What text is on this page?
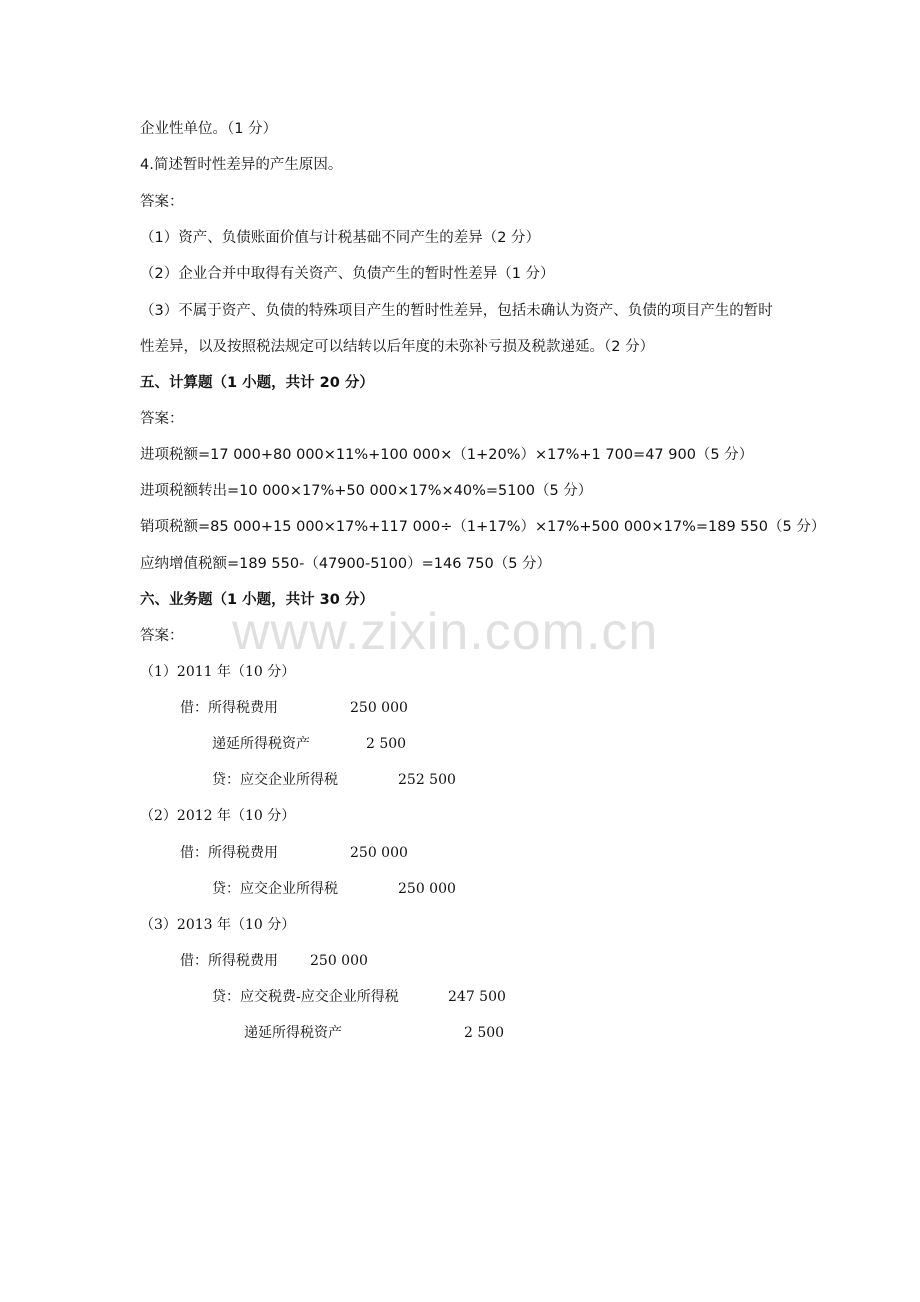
企业性单位。（1 分）
4.简述暂时性差异的产生原因。
答案：
（1）资产、负债账面价值与计税基础不同产生的差异（2 分）
（2）企业合并中取得有关资产、负债产生的暂时性差异（1 分）
（3）不属于资产、负债的特殊项目产生的暂时性差异，包括未确认为资产、负债的项目产生的暂时性差异，以及按照税法规定可以结转以后年度的未弥补亏损及税款递延。（2 分）
五、计算题（1 小题，共计 20 分）
答案：
进项税额=17 000+80 000×11%+100 000×（1+20%）×17%+1 700=47 900（5 分）
进项税额转出=10 000×17%+50 000×17%×40%=5100（5 分）
销项税额=85 000+15 000×17%+117 000÷（1+17%）×17%+500 000×17%=189 550（5 分）
应纳增值税额=189 550-（47900-5100）=146 750（5 分）
六、业务题（1 小题，共计 30 分）
答案： www.zixin.com.cn
（1）2011 年（10 分）
借：所得税费用	250 000
递延所得税资产	2 500
贷：应交企业所得税	252 500
（2）2012 年（10 分）
借：所得税费用	250 000
贷：应交企业所得税	250 000
（3）2013 年（10 分）
借：所得税费用 250 000
贷：应交税费-应交企业所得税	247 500
递延所得税资产	2 500
